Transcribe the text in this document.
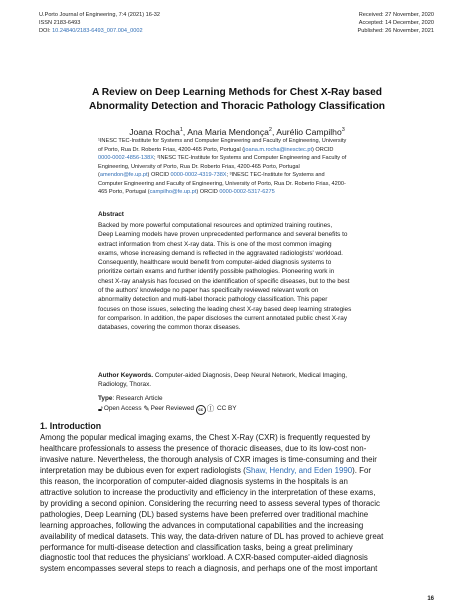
U.Porto Journal of Engineering, 7:4 (2021) 16-32
ISSN 2183-6493
DOI: 10.24840/2183-6493_007.004_0002
Received: 27 November, 2020
Accepted: 14 December, 2020
Published: 26 November, 2021
A Review on Deep Learning Methods for Chest X-Ray based
Abnormality Detection and Thoracic Pathology Classification
Joana Rocha$^1$, Ana Maria Mendonça$^2$, Aurélio Campilho$^3$
¹INESC TEC-Institute for Systems and Computer Engineering and Faculty of Engineering, University
of Porto, Rua Dr. Roberto Frias, 4200-465 Porto, Portugal (joana.m.rocha@inesctec.pt) ORCID
0000-0002-4856-138X; ²INESC TEC-Institute for Systems and Computer Engineering and Faculty of
Engineering, University of Porto, Rua Dr. Roberto Frias, 4200-465 Porto, Portugal
(amendon@fe.up.pt) ORCID 0000-0002-4319-738X; ³INESC TEC-Institute for Systems and
Computer Engineering and Faculty of Engineering, University of Porto, Rua Dr. Roberto Frias, 4200-
465 Porto, Portugal (campilho@fe.up.pt) ORCID 0000-0002-5317-6275
Abstract
Backed by more powerful computational resources and optimized training routines,
Deep Learning models have proven unprecedented performance and several benefits to
extract information from chest X-ray data. This is one of the most common imaging
exams, whose increasing demand is reflected in the aggravated radiologists' workload.
Consequently, healthcare would benefit from computer-aided diagnosis systems to
prioritize certain exams and further identify possible pathologies. Pioneering work in
chest X-ray analysis has focused on the identification of specific diseases, but to the best
of the authors' knowledge no paper has specifically reviewed relevant work on
abnormality detection and multi-label thoracic pathology classification. This paper
focuses on those issues, selecting the leading chest X-ray based deep learning strategies
for comparison. In addition, the paper discloses the current annotated public chest X-ray
databases, covering the common thorax diseases.
Author Keywords. Computer-aided Diagnosis, Deep Neural Network, Medical Imaging,
Radiology, Thorax.
Type: Research Article
🔓︎Open Access ✎Peer Reviewed cc Ⓘ CC BY
1. Introduction
Among the popular medical imaging exams, the Chest X-Ray (CXR) is frequently requested by
healthcare professionals to assess the presence of thoracic diseases, due to its low-cost non-
invasive nature. Nevertheless, the thorough analysis of CXR images is time-consuming and their
interpretation may be dubious even for expert radiologists (Shaw, Hendry, and Eden 1990). For
this reason, the incorporation of computer-aided diagnosis systems in the hospitals is an
attractive solution to increase the productivity and efficiency in the interpretation of these exams,
by providing a second opinion. Considering the recurring need to assess several types of thoracic
pathologies, Deep Learning (DL) based systems have been preferred over traditional machine
learning approaches, following the advances in computational capabilities and the increasing
availability of medical datasets. This way, the data-driven nature of DL has proved to achieve great
performance for multi-disease detection and classification tasks, being a great preliminary
diagnostic tool that reduces the physicians' workload. A CXR-based computer-aided diagnosis
system encompasses several steps to reach a diagnosis, and perhaps one of the most important
16
